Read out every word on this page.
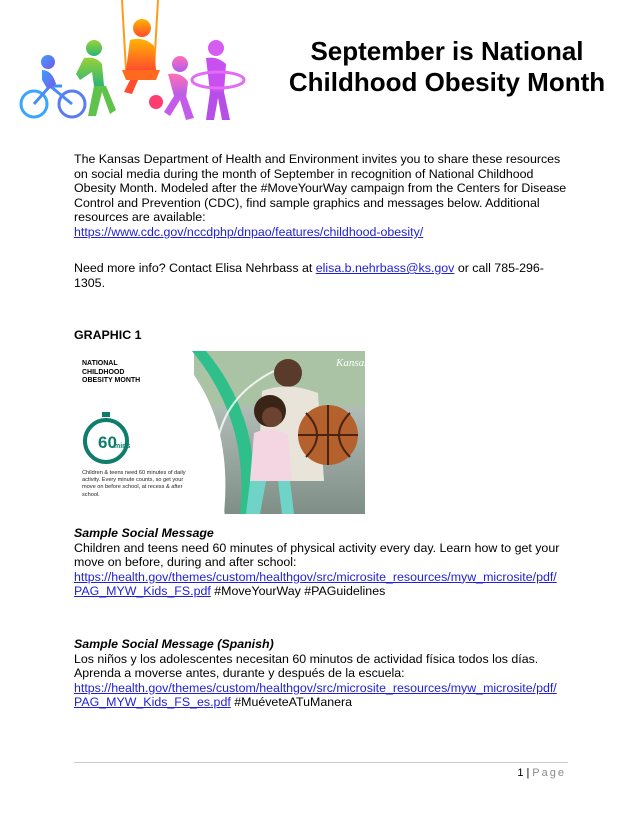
September is National
Childhood Obesity Month
The Kansas Department of Health and Environment invites you to share these resources on social media during the month of September in recognition of National Childhood Obesity Month. Modeled after the #MoveYourWay campaign from the Centers for Disease Control and Prevention (CDC), find sample graphics and messages below. Additional resources are available:
https://www.cdc.gov/nccdphp/dnpao/features/childhood-obesity/
Need more info? Contact Elisa Nehrbass at elisa.b.nehrbass@ks.gov or call 785-296-1305.
GRAPHIC 1
Kansas
NATIONAL
CHILDHOOD
OBESITY MONTH
60
mins
Children & teens need 60 minutes of daily activity. Every minute counts, so get your move on before school, at recess & after school.
Sample Social Message
Children and teens need 60 minutes of physical activity every day. Learn how to get your move on before, during and after school:
https://health.gov/themes/custom/healthgov/src/microsite_resources/myw_microsite/pdf/
PAG_MYW_Kids_FS.pdf #MoveYourWay #PAGuidelines
Sample Social Message (Spanish)
Los niños y los adolescentes necesitan 60 minutos de actividad física todos los días. Aprenda a moverse antes, durante y después de la escuela:
https://health.gov/themes/custom/healthgov/src/microsite_resources/myw_microsite/pdf/
PAG_MYW_Kids_FS_es.pdf #MuéveteATuManera
1 | Page
